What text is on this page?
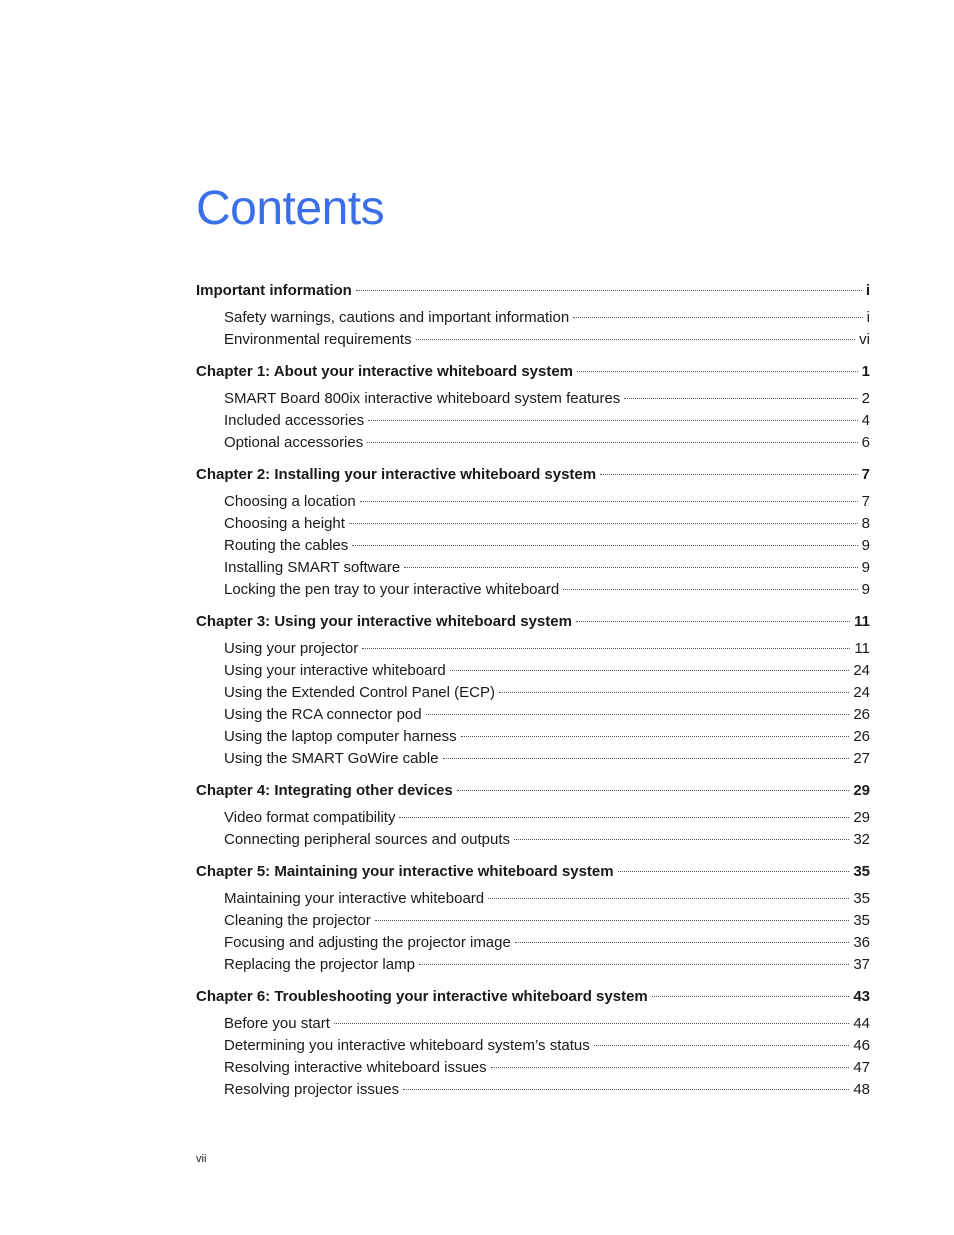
Contents
Important information	i
Safety warnings, cautions and important information	i
Environmental requirements	vi
Chapter 1: About your interactive whiteboard system	1
SMART Board 800ix interactive whiteboard system features	2
Included accessories	4
Optional accessories	6
Chapter 2: Installing your interactive whiteboard system	7
Choosing a location	7
Choosing a height	8
Routing the cables	9
Installing SMART software	9
Locking the pen tray to your interactive whiteboard	9
Chapter 3: Using your interactive whiteboard system	11
Using your projector	11
Using your interactive whiteboard	24
Using the Extended Control Panel (ECP)	24
Using the RCA connector pod	26
Using the laptop computer harness	26
Using the SMART GoWire cable	27
Chapter 4: Integrating other devices	29
Video format compatibility	29
Connecting peripheral sources and outputs	32
Chapter 5: Maintaining your interactive whiteboard system	35
Maintaining your interactive whiteboard	35
Cleaning the projector	35
Focusing and adjusting the projector image	36
Replacing the projector lamp	37
Chapter 6: Troubleshooting your interactive whiteboard system	43
Before you start	44
Determining you interactive whiteboard system’s status	46
Resolving interactive whiteboard issues	47
Resolving projector issues	48
vii
